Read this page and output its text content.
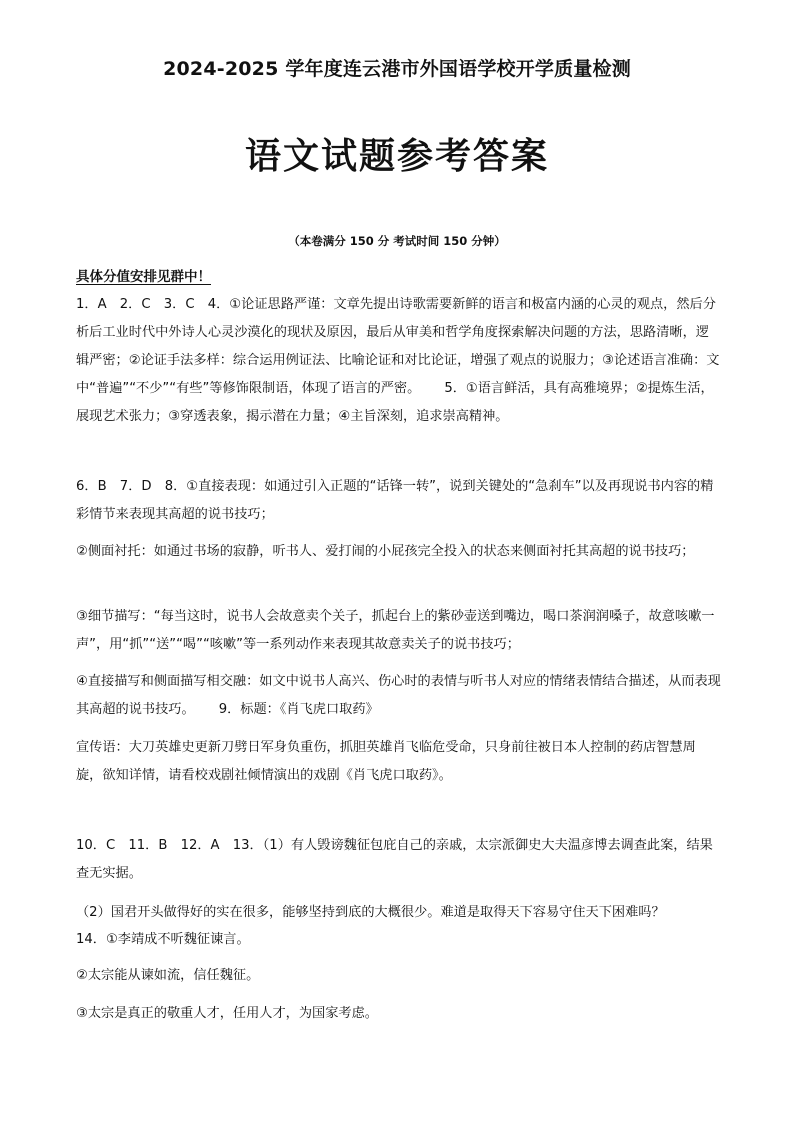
2024-2025 学年度连云港市外国语学校开学质量检测
语文试题参考答案
（本卷满分 150 分 考试时间 150 分钟）
具体分值安排见群中！
1．A　2．C　3．C　4．①论证思路严谨：文章先提出诗歌需要新鲜的语言和极富内涵的心灵的观点，然后分析后工业时代中外诗人心灵沙漠化的现状及原因，最后从审美和哲学角度探索解决问题的方法，思路清晰，逻辑严密；②论证手法多样：综合运用例证法、比喻论证和对比论证，增强了观点的说服力；③论述语言准确：文中“普遍”“不少”“有些”等修饰限制语，体现了语言的严密。 5．①语言鲜活，具有高雅境界；②提炼生活，展现艺术张力；③穿透表象，揭示潜在力量；④主旨深刻，追求崇高精神。
6．B　7．D　8．①直接表现：如通过引入正题的“话锋一转”，说到关键处的“急刹车”以及再现说书内容的精彩情节来表现其高超的说书技巧；
②侧面衬托：如通过书场的寂静，听书人、爱打闹的小屁孩完全投入的状态来侧面衬托其高超的说书技巧；
③细节描写：“每当这时，说书人会故意卖个关子，抓起台上的紫砂壶送到嘴边，喝口茶润润嗓子，故意咳嗽一声”，用“抓”“送”“喝”“咳嗽”等一系列动作来表现其故意卖关子的说书技巧；
④直接描写和侧面描写相交融：如文中说书人高兴、伤心时的表情与听书人对应的情绪表情结合描述，从而表现其高超的说书技巧。 9．标题：《肖飞虎口取药》
宣传语：大刀英雄史更新刀劈日军身负重伤，抓胆英雄肖飞临危受命，只身前往被日本人控制的药店智慧周旋，欲知详情，请看校戏剧社倾情演出的戏剧《肖飞虎口取药》。
10．C　11．B　12．A　13．（1）有人毁谤魏征包庇自己的亲戚，太宗派御史大夫温彦博去调查此案，结果查无实据。
（2）国君开头做得好的实在很多，能够坚持到底的大概很少。难道是取得天下容易守住天下困难吗？
14．①李靖成不听魏征谏言。
②太宗能从谏如流，信任魏征。
③太宗是真正的敬重人才，任用人才，为国家考虑。
